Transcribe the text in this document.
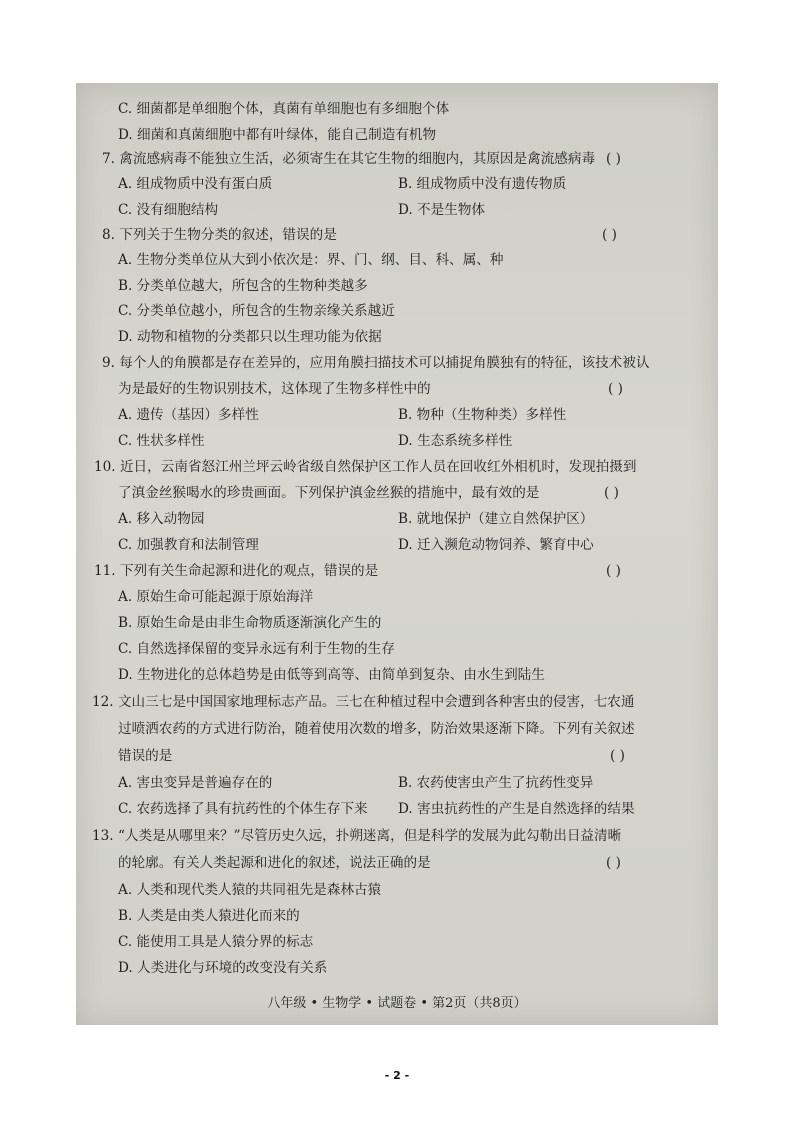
C. 细菌都是单细胞个体，真菌有单细胞也有多细胞个体
D. 细菌和真菌细胞中都有叶绿体，能自己制造有机物
7. 禽流感病毒不能独立生活，必须寄生在其它生物的细胞内，其原因是禽流感病毒 ( )
A. 组成物质中没有蛋白质	B. 组成物质中没有遗传物质
C. 没有细胞结构	D. 不是生物体
8. 下列关于生物分类的叙述，错误的是	( )
A. 生物分类单位从大到小依次是：界、门、纲、目、科、属、种
B. 分类单位越大，所包含的生物种类越多
C. 分类单位越小，所包含的生物亲缘关系越近
D. 动物和植物的分类都只以生理功能为依据
9. 每个人的角膜都是存在差异的，应用角膜扫描技术可以捕捉角膜独有的特征，该技术被认
为是最好的生物识别技术，这体现了生物多样性中的	( )
A. 遗传（基因）多样性	B. 物种（生物种类）多样性
C. 性状多样性	D. 生态系统多样性
10. 近日，云南省怒江州兰坪云岭省级自然保护区工作人员在回收红外相机时，发现拍摄到
了滇金丝猴喝水的珍贵画面。下列保护滇金丝猴的措施中，最有效的是	( )
A. 移入动物园	B. 就地保护（建立自然保护区）
C. 加强教育和法制管理	D. 迁入濒危动物饲养、繁育中心
11. 下列有关生命起源和进化的观点，错误的是	( )
A. 原始生命可能起源于原始海洋
B. 原始生命是由非生命物质逐渐演化产生的
C. 自然选择保留的变异永远有利于生物的生存
D. 生物进化的总体趋势是由低等到高等、由简单到复杂、由水生到陆生
12. 文山三七是中国国家地理标志产品。三七在种植过程中会遭到各种害虫的侵害，七农通
过喷洒农药的方式进行防治，随着使用次数的增多，防治效果逐渐下降。下列有关叙述
错误的是	( )
A. 害虫变异是普遍存在的	B. 农药使害虫产生了抗药性变异
C. 农药选择了具有抗药性的个体生存下来	D. 害虫抗药性的产生是自然选择的结果
13. “人类是从哪里来？”尽管历史久远，扑朔迷离，但是科学的发展为此勾勒出日益清晰
的轮廓。有关人类起源和进化的叙述，说法正确的是	( )
A. 人类和现代类人猿的共同祖先是森林古猿
B. 人类是由类人猿进化而来的
C. 能使用工具是人猿分界的标志
D. 人类进化与环境的改变没有关系
八年级 • 生物学 • 试题卷 • 第2页（共8页）
- 2 -
